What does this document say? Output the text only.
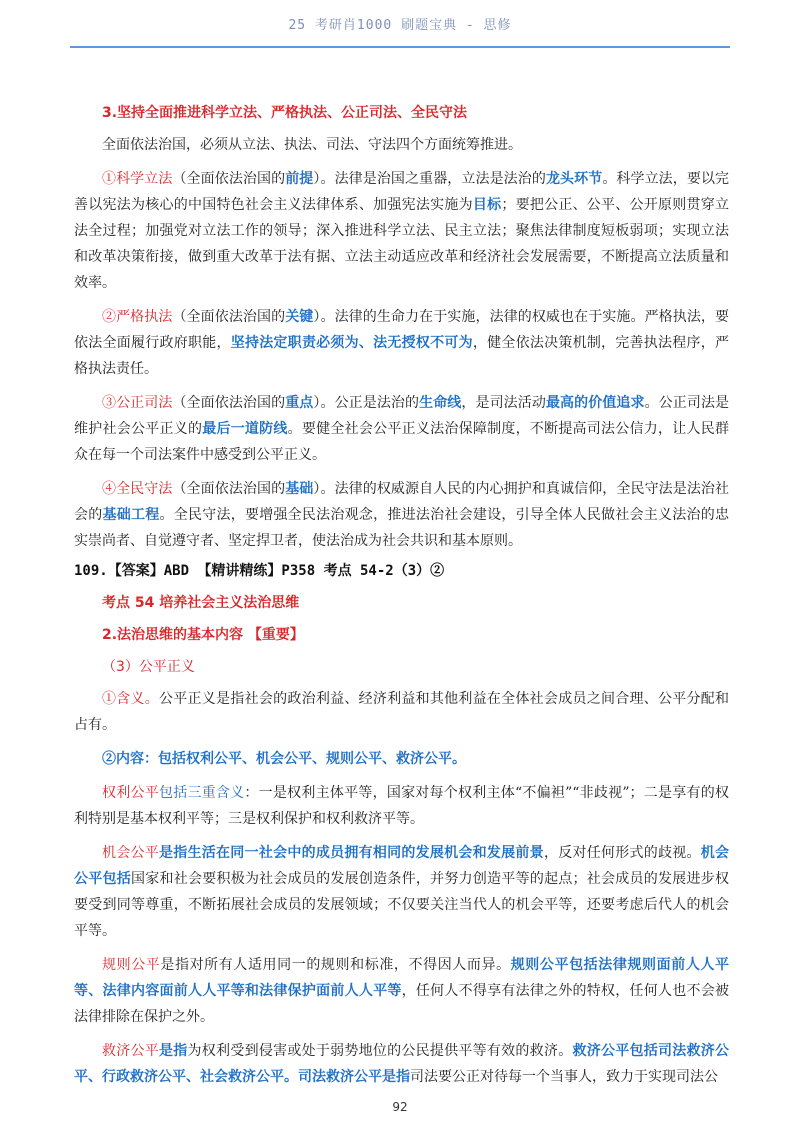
25 考研肖1000 刷题宝典 - 思修

3.坚持全面推进科学立法、严格执法、公正司法、全民守法

全面依法治国，必须从立法、执法、司法、守法四个方面统筹推进。

①科学立法（全面依法治国的前提）。法律是治国之重器，立法是法治的龙头环节。科学立法，要以完善以宪法为核心的中国特色社会主义法律体系、加强宪法实施为目标；要把公正、公平、公开原则贯穿立法全过程；加强党对立法工作的领导；深入推进科学立法、民主立法；聚焦法律制度短板弱项；实现立法和改革决策衔接，做到重大改革于法有据、立法主动适应改革和经济社会发展需要，不断提高立法质量和效率。

②严格执法（全面依法治国的关键）。法律的生命力在于实施，法律的权威也在于实施。严格执法，要依法全面履行政府职能，坚持法定职责必须为、法无授权不可为，健全依法决策机制，完善执法程序，严格执法责任。

③公正司法（全面依法治国的重点）。公正是法治的生命线，是司法活动最高的价值追求。公正司法是维护社会公平正义的最后一道防线。要健全社会公平正义法治保障制度，不断提高司法公信力，让人民群众在每一个司法案件中感受到公平正义。

④全民守法（全面依法治国的基础）。法律的权威源自人民的内心拥护和真诚信仰，全民守法是法治社会的基础工程。全民守法，要增强全民法治观念，推进法治社会建设，引导全体人民做社会主义法治的忠实崇尚者、自觉遵守者、坚定捍卫者，使法治成为社会共识和基本原则。

109.【答案】ABD 【精讲精练】P358 考点 54-2（3）②

考点 54 培养社会主义法治思维

2.法治思维的基本内容 【重要】

（3）公平正义

①含义。公平正义是指社会的政治利益、经济利益和其他利益在全体社会成员之间合理、公平分配和占有。

②内容：包括权利公平、机会公平、规则公平、救济公平。

权利公平包括三重含义：一是权利主体平等，国家对每个权利主体“不偏袒”“非歧视”；二是享有的权利特别是基本权利平等；三是权利保护和权利救济平等。

机会公平是指生活在同一社会中的成员拥有相同的发展机会和发展前景，反对任何形式的歧视。机会公平包括国家和社会要积极为社会成员的发展创造条件，并努力创造平等的起点；社会成员的发展进步权要受到同等尊重，不断拓展社会成员的发展领域；不仅要关注当代人的机会平等，还要考虑后代人的机会平等。

规则公平是指对所有人适用同一的规则和标准，不得因人而异。规则公平包括法律规则面前人人平等、法律内容面前人人平等和法律保护面前人人平等，任何人不得享有法律之外的特权，任何人也不会被法律排除在保护之外。

救济公平是指为权利受到侵害或处于弱势地位的公民提供平等有效的救济。救济公平包括司法救济公平、行政救济公平、社会救济公平。司法救济公平是指司法要公正对待每一个当事人，致力于实现司法公

92
